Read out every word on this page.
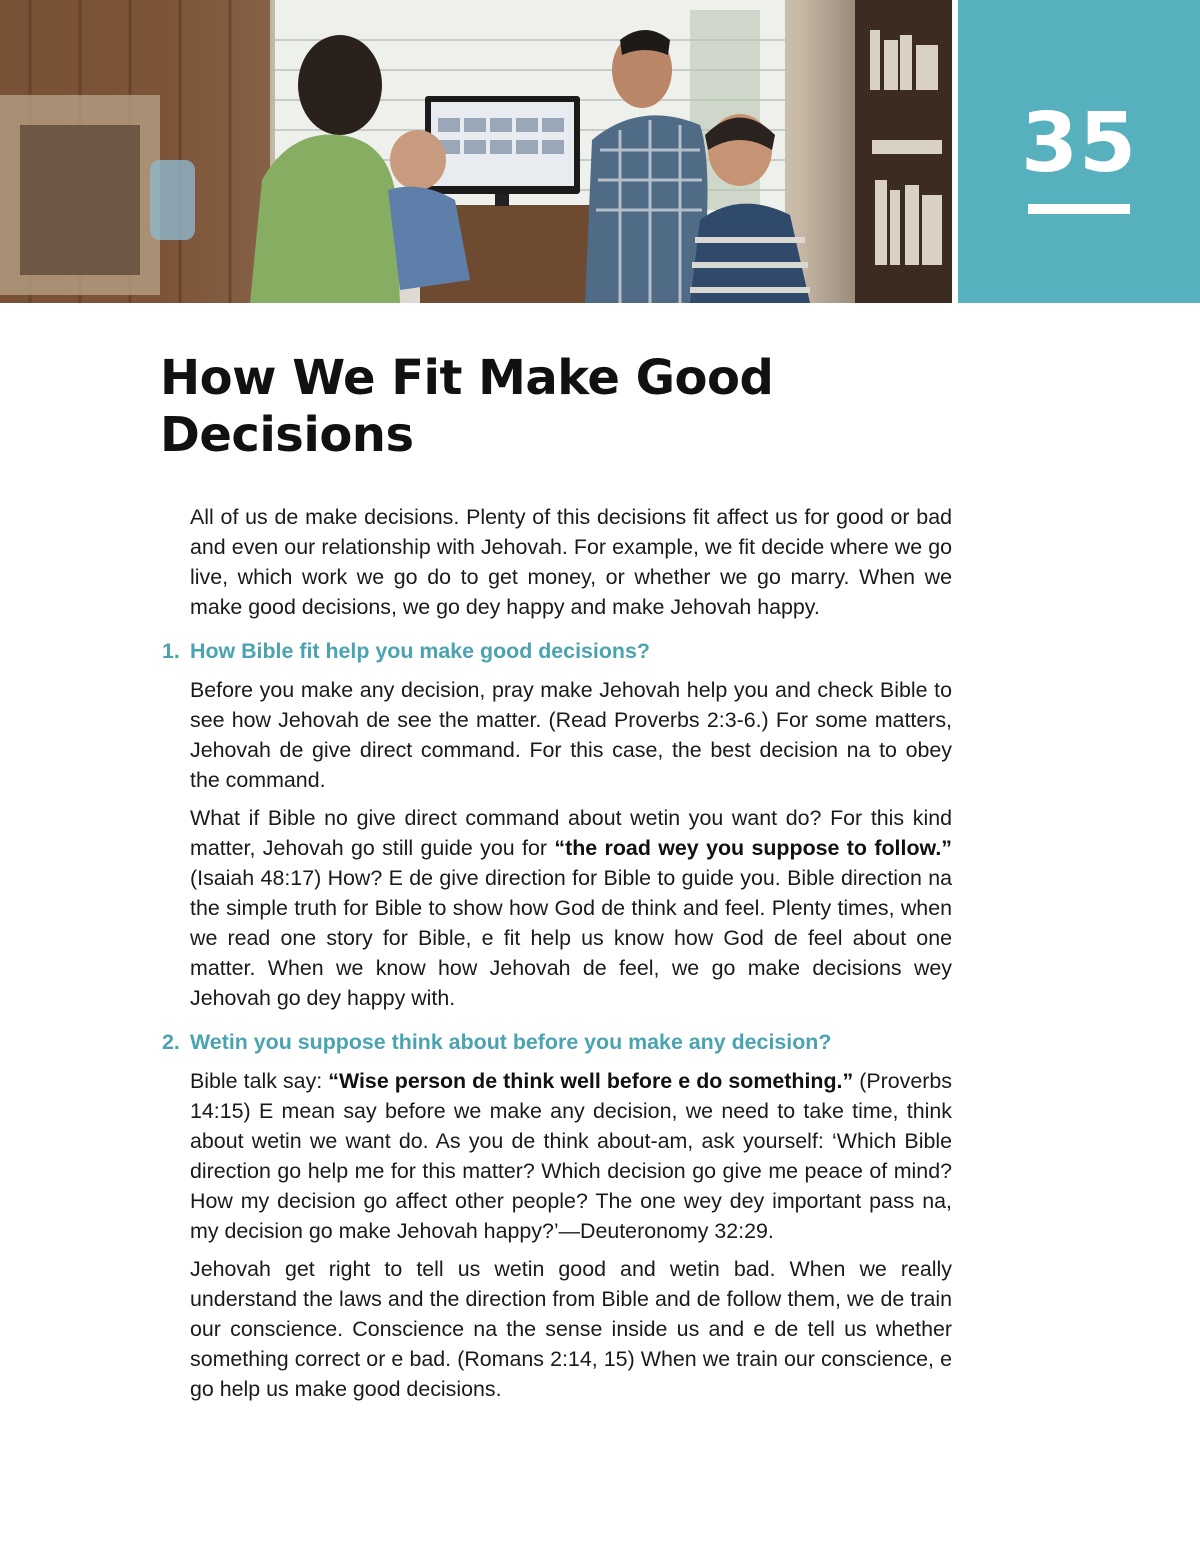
35
How We Fit Make Good Decisions

All of us de make decisions. Plenty of this decisions fit affect us for good or bad and even our relationship with Jehovah. For example, we fit decide where we go live, which work we go do to get money, or whether we go marry. When we make good decisions, we go dey happy and make Jehovah happy.

1. How Bible fit help you make good decisions?

Before you make any decision, pray make Jehovah help you and check Bible to see how Jehovah de see the matter. (Read Proverbs 2:3-6.) For some matters, Jehovah de give direct command. For this case, the best decision na to obey the command.

What if Bible no give direct command about wetin you want do? For this kind matter, Jehovah go still guide you for “the road wey you suppose to follow.” (Isaiah 48:17) How? E de give direction for Bible to guide you. Bible direction na the simple truth for Bible to show how God de think and feel. Plenty times, when we read one story for Bible, e fit help us know how God de feel about one matter. When we know how Jehovah de feel, we go make decisions wey Jehovah go dey happy with.

2. Wetin you suppose think about before you make any decision?

Bible talk say: “Wise person de think well before e do something.” (Proverbs 14:15) E mean say before we make any decision, we need to take time, think about wetin we want do. As you de think about-am, ask yourself: ‘Which Bible direction go help me for this matter? Which decision go give me peace of mind? How my decision go affect other people? The one wey dey important pass na, my decision go make Jehovah happy?’—Deuteronomy 32:29.

Jehovah get right to tell us wetin good and wetin bad. When we really understand the laws and the direction from Bible and de follow them, we de train our conscience. Conscience na the sense inside us and e de tell us whether something correct or e bad. (Romans 2:14, 15) When we train our conscience, e go help us make good decisions.
